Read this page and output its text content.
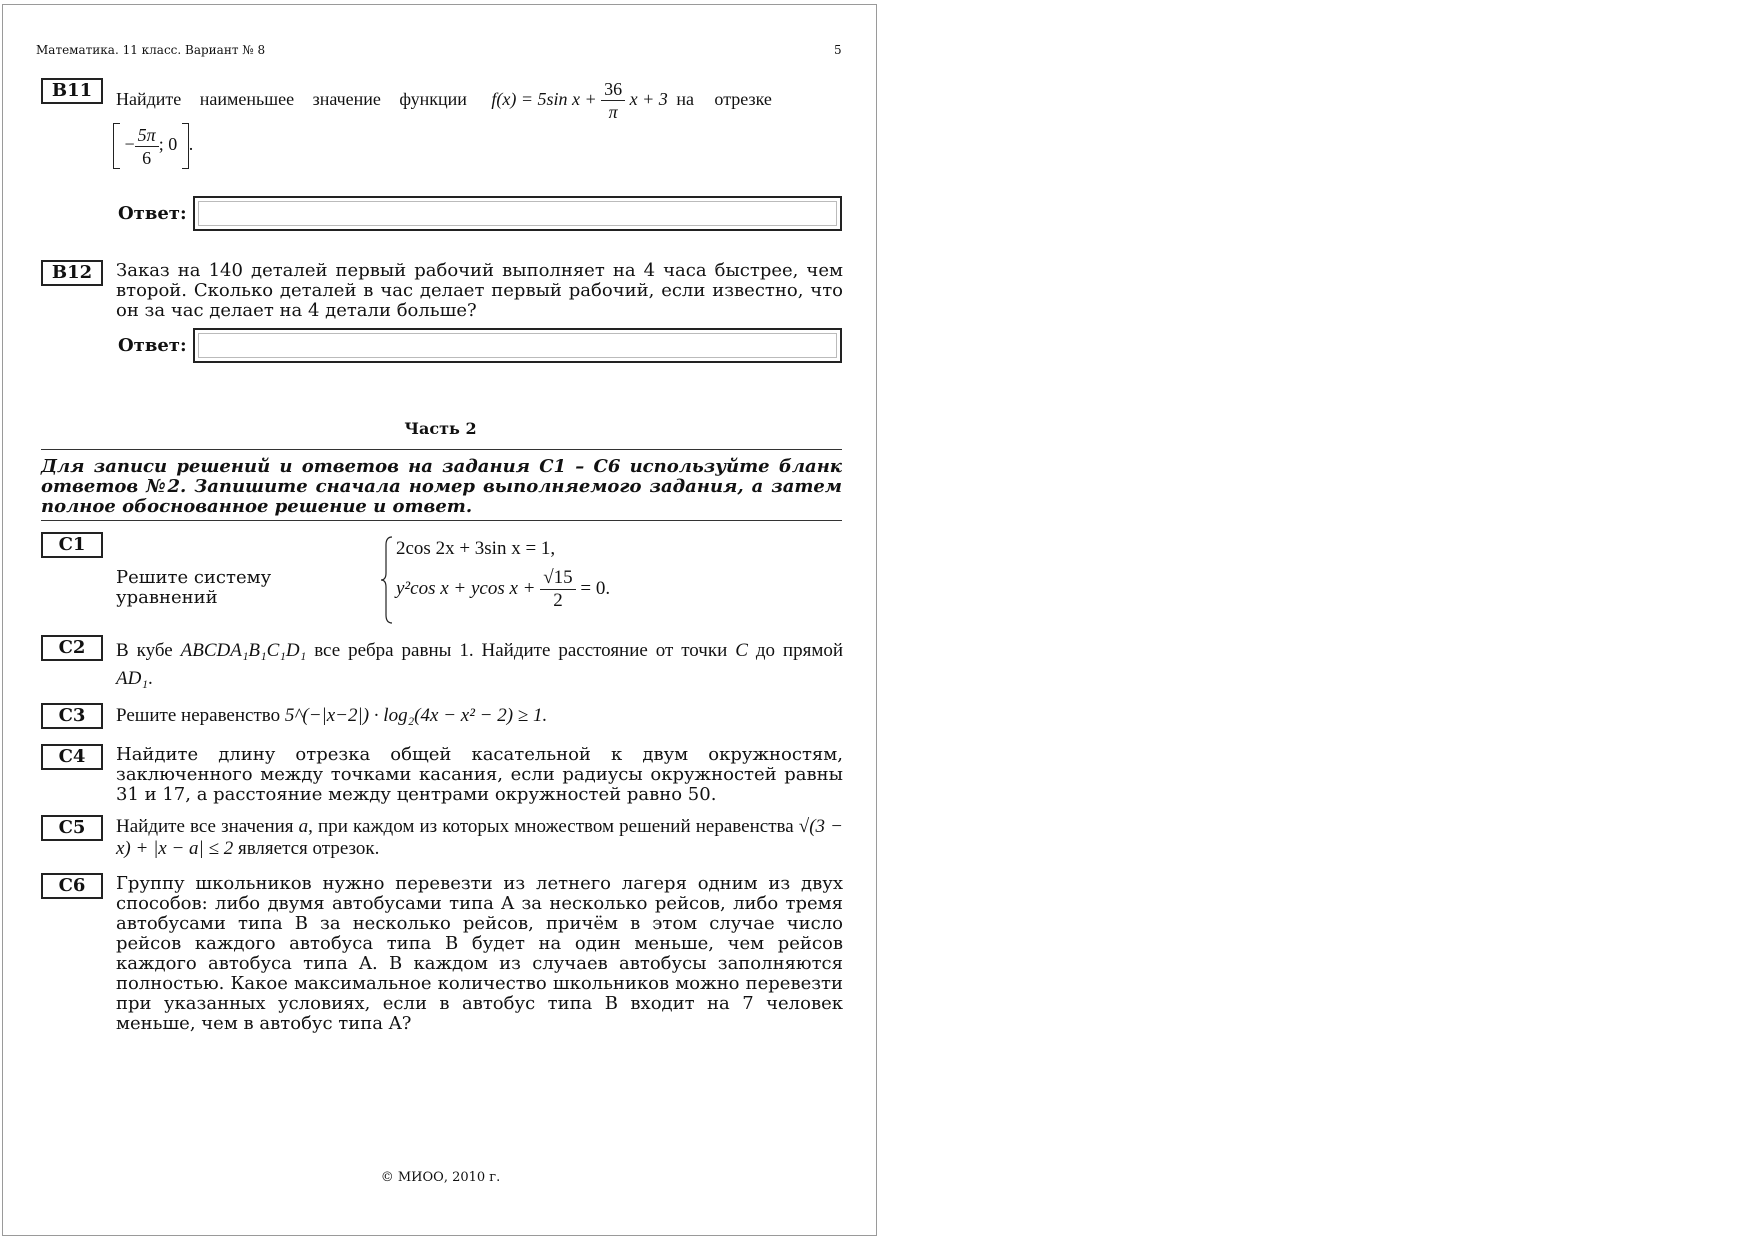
Математика. 11 класс. Вариант № 8	5
B11	Найдите наименьшее значение функции f(x) = 5sin $x + \frac{36}{\pi}$ x + 3 на отрезке
− $\frac{5\pi}{6}$ ; 0 .
Ответ:
B12	Заказ на 140 деталей первый рабочий выполняет на 4 часа быстрее, чем второй. Сколько деталей в час делает первый рабочий, если известно, что он за час делает на 4 детали больше?
Ответ:
Часть 2
Для записи решений и ответов на задания C1 – C6 используйте бланк ответов №2. Запишите сначала номер выполняемого задания, а затем полное обоснованное решение и ответ.
C1
Решите систему уравнений
2cos 2x + 3sin x = 1,
y²cos x + ycos $x + \frac{√15}{2} = 0$.
C2	В кубе ABCDA₁B₁C₁D₁ все ребра равны 1. Найдите расстояние от точки C до прямой AD₁.
C3	Решите неравенство 5^(−|x−2|) · log₂(4x − x² − 2) ≥ 1.
C4	Найдите длину отрезка общей касательной к двум окружностям, заключенного между точками касания, если радиусы окружностей равны 31 и 17, а расстояние между центрами окружностей равно 50.
C5	Найдите все значения a, при каждом из которых множеством решений неравенства √(3 − x) + |x − a| ≤ 2 является отрезок.
C6	Группу школьников нужно перевезти из летнего лагеря одним из двух способов: либо двумя автобусами типа A за несколько рейсов, либо тремя автобусами типа B за несколько рейсов, причём в этом случае число рейсов каждого автобуса типа B будет на один меньше, чем рейсов каждого автобуса типа A. В каждом из случаев автобусы заполняются полностью. Какое максимальное количество школьников можно перевезти при указанных условиях, если в автобус типа B входит на 7 человек меньше, чем в автобус типа A?
© МИОО, 2010 г.
